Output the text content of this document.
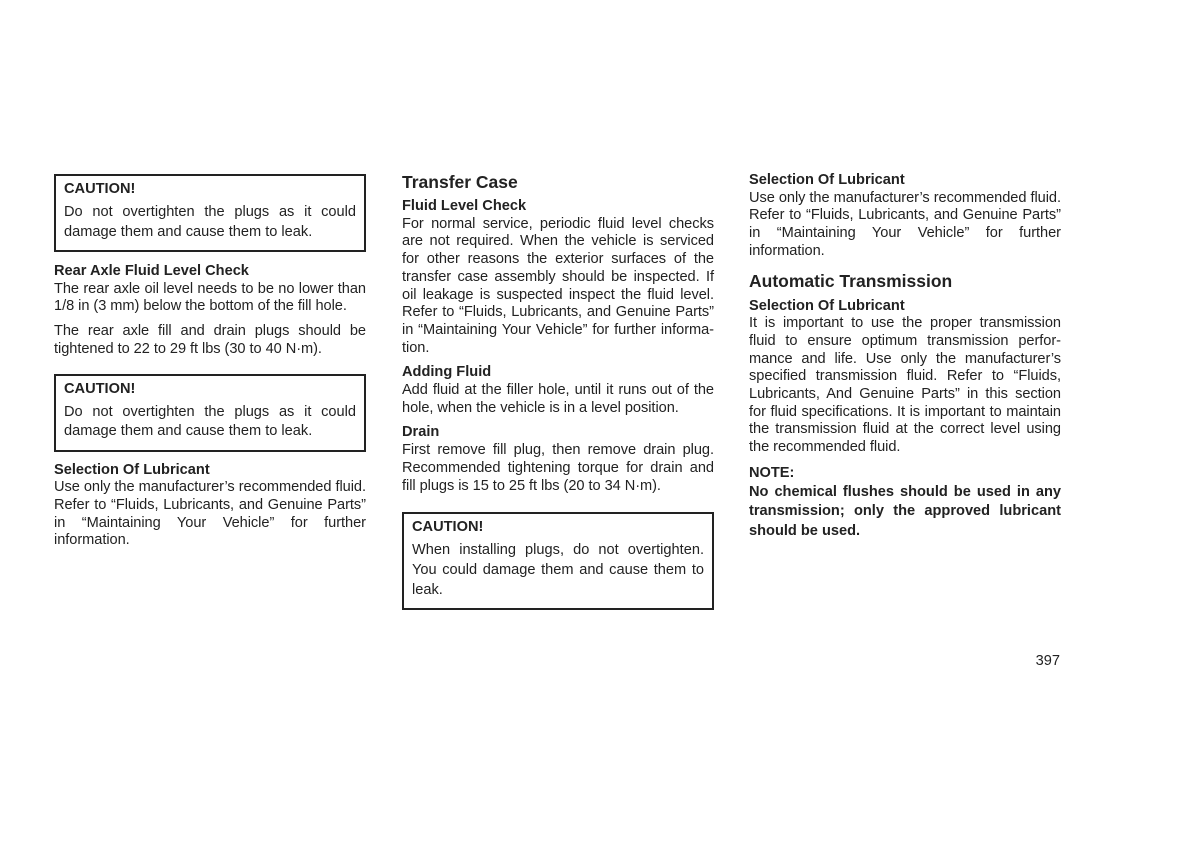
CAUTION!
Do not overtighten the plugs as it could damage them and cause them to leak.
Rear Axle Fluid Level Check

The rear axle oil level needs to be no lower than 1/8 in (3 mm) below the bottom of the fill hole.

The rear axle fill and drain plugs should be tightened to 22 to 29 ft lbs (30 to 40 N·m).

CAUTION!
Do not overtighten the plugs as it could damage them and cause them to leak.
Selection Of Lubricant

Use only the manufacturer’s recommended fluid. Refer to “Fluids, Lubricants, and Genuine Parts” in “Maintaining Your Vehicle” for further information.

Transfer Case
Fluid Level Check

For normal service, periodic fluid level checks are not required. When the vehicle is serviced for other reasons the exterior surfaces of the transfer case assembly should be inspected. If oil leakage is suspected inspect the fluid level. Refer to “Fluids, Lubricants, and Genuine Parts” in “Maintaining Your Vehicle” for further informa-tion.

Adding Fluid

Add fluid at the filler hole, until it runs out of the hole, when the vehicle is in a level position.

Drain

First remove fill plug, then remove drain plug. Recommended tightening torque for drain and fill plugs is 15 to 25 ft lbs (20 to 34 N·m).

CAUTION!
When installing plugs, do not overtighten. You could damage them and cause them to leak.
Selection Of Lubricant

Use only the manufacturer’s recommended fluid. Refer to “Fluids, Lubricants, and Genuine Parts” in “Maintaining Your Vehicle” for further information.

Automatic Transmission
Selection Of Lubricant

It is important to use the proper transmission fluid to ensure optimum transmission perfor-mance and life. Use only the manufacturer’s specified transmission fluid. Refer to “Fluids, Lubricants, And Genuine Parts” in this section for fluid specifications. It is important to maintain the transmission fluid at the correct level using the recommended fluid.

NOTE:

No chemical flushes should be used in any transmission; only the approved lubricant should be used.

397
